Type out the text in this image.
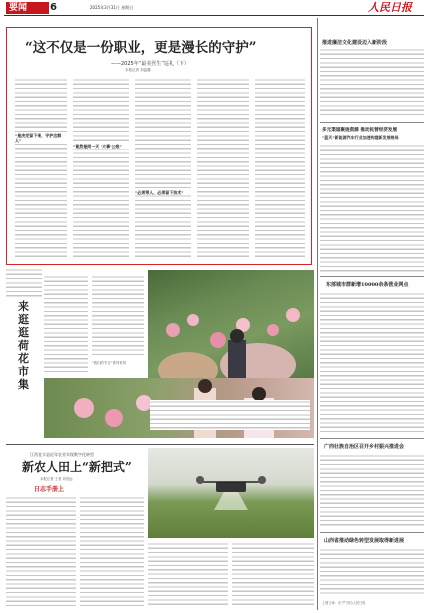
要闻	6	2025年3月31日 星期日	人民日报
“这不仅是一份职业，更是漫长的守护”
——2025年“最美医生”巡礼（下）
本报记者 刘温馨
“是决定留下来，守护这群人”
“竟然是同一天 ‘大事’公敌”
“必须带人、必须留下技术”
来
逛
逛
荷
花
市
集
“我们的节日”系列采风
江西宜丰县近年农业实现数字化转型
新农人田上“新把式”
本报记者 王者 刘昌远
日志手册上
推进廉洁文化建设迈入新阶段
多元渠道聚拢资源 推动民营经济发展
“蓝天”新能源汽车行业加速构建新发展格局
东部城市群新增10000余条营业网点
广西壮族自治区召开乡村振兴推进会
山西省推动绿色转型发展取得新进展
上图文章：乔 严 图为人民日报
